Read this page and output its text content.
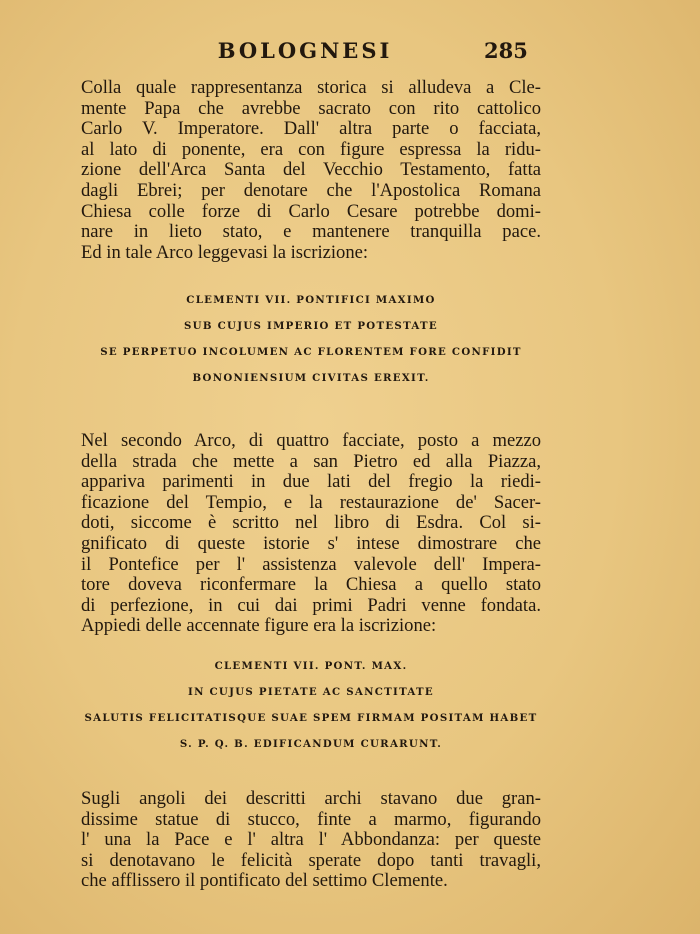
BOLOGNESI	285
Colla quale rappresentanza storica si alludeva a Cle-
mente Papa che avrebbe sacrato con rito cattolico
Carlo V. Imperatore. Dall' altra parte o facciata,
al lato di ponente, era con figure espressa la ridu-
zione dell'Arca Santa del Vecchio Testamento, fatta
dagli Ebrei; per denotare che l'Apostolica Romana
Chiesa colle forze di Carlo Cesare potrebbe domi-
nare in lieto stato, e mantenere tranquilla pace.
Ed in tale Arco leggevasi la iscrizione:
CLEMENTI VII. PONTIFICI MAXIMO
SUB CUJUS IMPERIO ET POTESTATE
SE PERPETUO INCOLUMEN AC FLORENTEM FORE CONFIDIT
BONONIENSIUM CIVITAS EREXIT.
Nel secondo Arco, di quattro facciate, posto a mezzo
della strada che mette a san Pietro ed alla Piazza,
appariva parimenti in due lati del fregio la riedi-
ficazione del Tempio, e la restaurazione de' Sacer-
doti, siccome è scritto nel libro di Esdra. Col si-
gnificato di queste istorie s' intese dimostrare che
il Pontefice per l' assistenza valevole dell' Impera-
tore doveva riconfermare la Chiesa a quello stato
di perfezione, in cui dai primi Padri venne fondata.
Appiedi delle accennate figure era la iscrizione:
CLEMENTI VII. PONT. MAX.
IN CUJUS PIETATE AC SANCTITATE
SALUTIS FELICITATISQUE SUAE SPEM FIRMAM POSITAM HABET
S. P. Q. B. EDIFICANDUM CURARUNT.
Sugli angoli dei descritti archi stavano due gran-
dissime statue di stucco, finte a marmo, figurando
l' una la Pace e l' altra l' Abbondanza: per queste
si denotavano le felicità sperate dopo tanti travagli,
che afflissero il pontificato del settimo Clemente.
